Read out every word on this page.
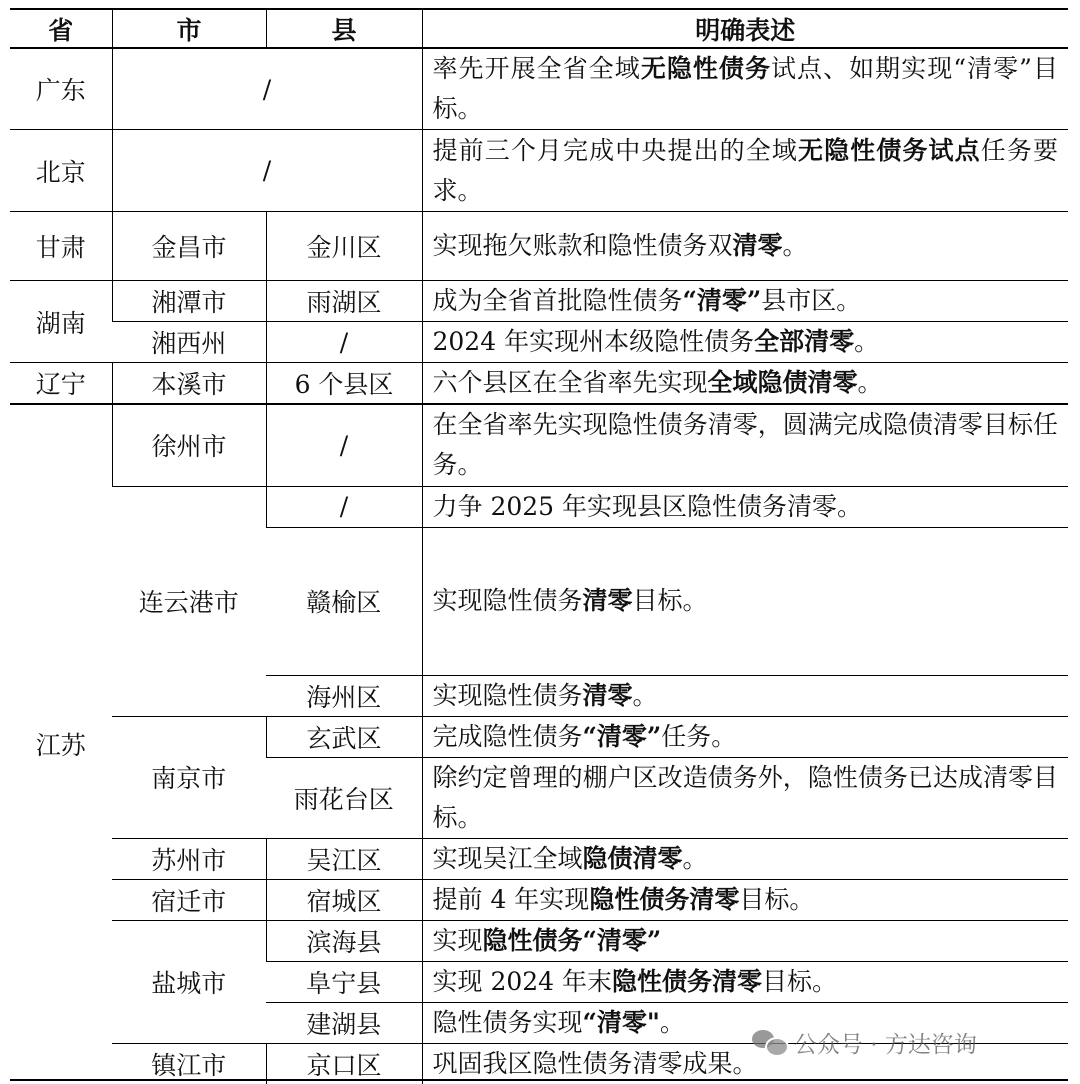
省	市	县	明确表述
广东	/		率先开展全省全域无隐性债务试点、如期实现“清零”目标。
北京	/		提前三个月完成中央提出的全域无隐性债务试点任务要求。
甘肃	金昌市	金川区	实现拖欠账款和隐性债务双清零。
湖南	湘潭市	雨湖区	成为全省首批隐性债务“清零”县市区。
	湘西州	/	2024 年实现州本级隐性债务全部清零。
辽宁	本溪市	6 个县区	六个县区在全省率先实现全域隐债清零。
江苏	徐州市	/	在全省率先实现隐性债务清零，圆满完成隐债清零目标任务。
	连云港市	/	力争 2025 年实现县区隐性债务清零。
		赣榆区	实现隐性债务清零目标。
		海州区	实现隐性债务清零。
	南京市	玄武区	完成隐性债务“清零”任务。
		雨花台区	除约定曾理的棚户区改造债务外，隐性债务已达成清零目标。
	苏州市	吴江区	实现吴江全域隐债清零。
	宿迁市	宿城区	提前 4 年实现隐性债务清零目标。
	盐城市	滨海县	实现隐性债务“清零”
		阜宁县	实现 2024 年末隐性债务清零目标。
		建湖县	隐性债务实现“清零"。
	镇江市	京口区	巩固我区隐性债务清零成果。
公众号 · 方达咨询
